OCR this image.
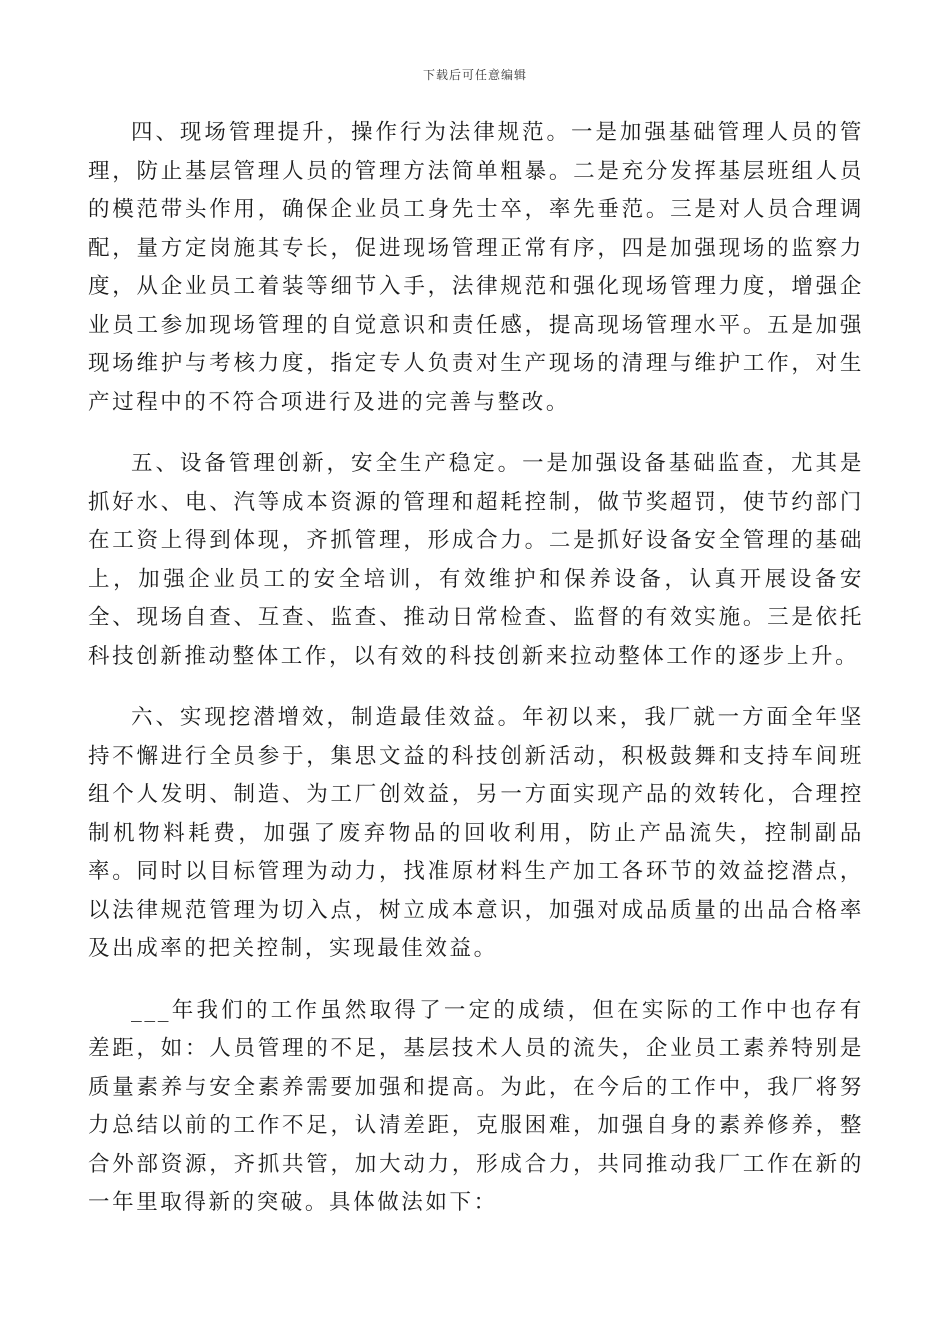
下载后可任意编辑

四、现场管理提升，操作行为法律规范。一是加强基础管理人员的管理，防止基层管理人员的管理方法简单粗暴。二是充分发挥基层班组人员的模范带头作用，确保企业员工身先士卒，率先垂范。三是对人员合理调配，量方定岗施其专长，促进现场管理正常有序，四是加强现场的监察力度，从企业员工着装等细节入手，法律规范和强化现场管理力度，增强企业员工参加现场管理的自觉意识和责任感，提高现场管理水平。五是加强现场维护与考核力度，指定专人负责对生产现场的清理与维护工作，对生产过程中的不符合项进行及进的完善与整改。

五、设备管理创新，安全生产稳定。一是加强设备基础监查，尤其是抓好水、电、汽等成本资源的管理和超耗控制，做节奖超罚，使节约部门在工资上得到体现，齐抓管理，形成合力。二是抓好设备安全管理的基础上，加强企业员工的安全培训，有效维护和保养设备，认真开展设备安全、现场自查、互查、监查、推动日常检查、监督的有效实施。三是依托科技创新推动整体工作，以有效的科技创新来拉动整体工作的逐步上升。

六、实现挖潜增效，制造最佳效益。年初以来，我厂就一方面全年坚持不懈进行全员参于，集思文益的科技创新活动，积极鼓舞和支持车间班组个人发明、制造、为工厂创效益，另一方面实现产品的效转化，合理控制机物料耗费，加强了废弃物品的回收利用，防止产品流失，控制副品率。同时以目标管理为动力，找准原材料生产加工各环节的效益挖潜点，以法律规范管理为切入点，树立成本意识，加强对成品质量的出品合格率及出成率的把关控制，实现最佳效益。

___年我们的工作虽然取得了一定的成绩，但在实际的工作中也存有差距，如：人员管理的不足，基层技术人员的流失，企业员工素养特别是质量素养与安全素养需要加强和提高。为此，在今后的工作中，我厂将努力总结以前的工作不足，认清差距，克服困难，加强自身的素养修养，整合外部资源，齐抓共管，加大动力，形成合力，共同推动我厂工作在新的一年里取得新的突破。具体做法如下：
